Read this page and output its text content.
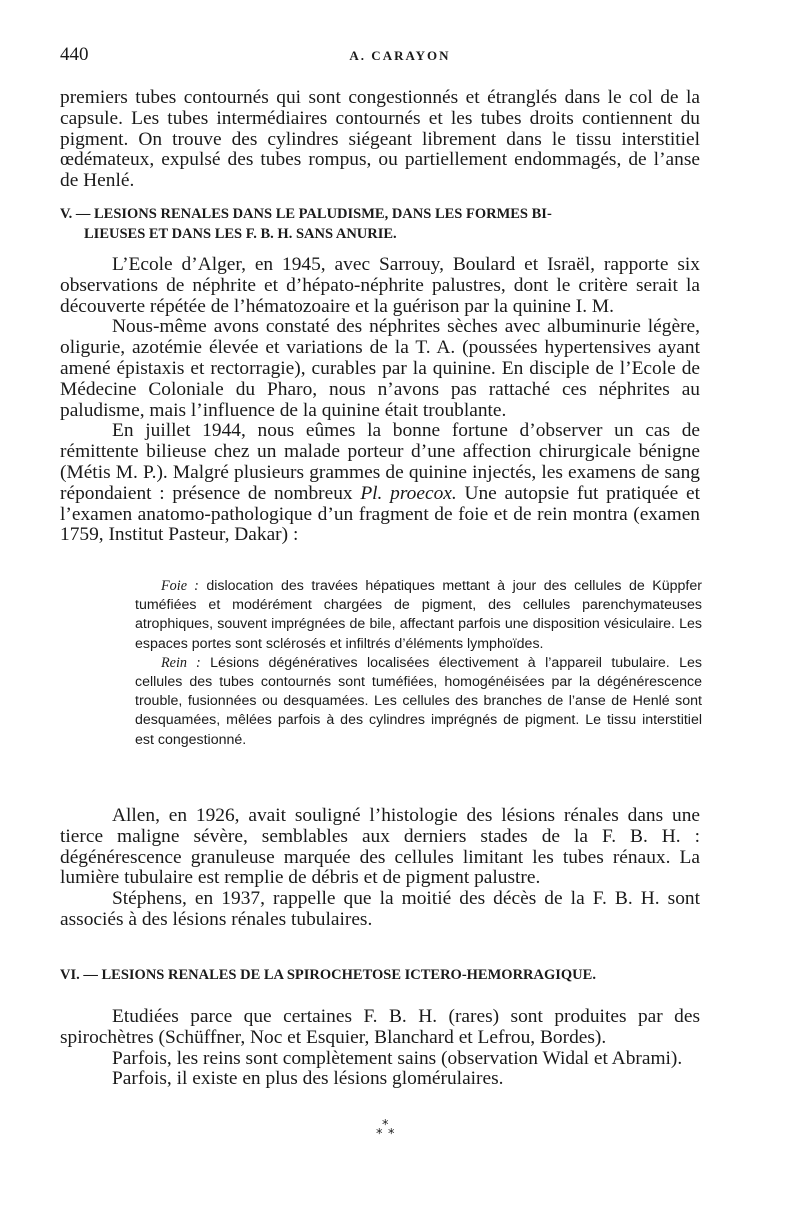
440	A. CARAYON

premiers tubes contournés qui sont congestionnés et étranglés dans le col de la capsule. Les tubes intermédiaires contournés et les tubes droits contiennent du pigment. On trouve des cylindres siégeant librement dans le tissu interstitiel œdémateux, expulsé des tubes rompus, ou partiellement endommagés, de l’anse de Henlé.

V. — LESIONS RENALES DANS LE PALUDISME, DANS LES FORMES BI-
LIEUSES ET DANS LES F. B. H. SANS ANURIE.

L’Ecole d’Alger, en 1945, avec Sarrouy, Boulard et Israël, rapporte six observations de néphrite et d’hépato-néphrite palustres, dont le critère serait la découverte répétée de l’hématozoaire et la guérison par la quinine I. M.

Nous-même avons constaté des néphrites sèches avec albuminurie légère, oligurie, azotémie élevée et variations de la T. A. (poussées hypertensives ayant amené épistaxis et rectorragie), curables par la quinine. En disciple de l’Ecole de Médecine Coloniale du Pharo, nous n’avons pas rattaché ces néphrites au paludisme, mais l’influence de la quinine était troublante.

En juillet 1944, nous eûmes la bonne fortune d’observer un cas de rémittente bilieuse chez un malade porteur d’une affection chirurgicale bénigne (Métis M. P.). Malgré plusieurs grammes de quinine injectés, les examens de sang répondaient : présence de nombreux Pl. proecox. Une autopsie fut pratiquée et l’examen anatomo-pathologique d’un fragment de foie et de rein montra (examen 1759, Institut Pasteur, Dakar) :

Foie : dislocation des travées hépatiques mettant à jour des cellules de Küppfer tuméfiées et modérément chargées de pigment, des cellules parenchymateuses atrophiques, souvent imprégnées de bile, affectant parfois une disposition vésiculaire. Les espaces portes sont sclérosés et infiltrés d’éléments lymphoïdes.

Rein : Lésions dégénératives localisées électivement à l’appareil tubulaire. Les cellules des tubes contournés sont tuméfiées, homogénéisées par la dégénérescence trouble, fusionnées ou desquamées. Les cellules des branches de l’anse de Henlé sont desquamées, mêlées parfois à des cylindres imprégnés de pigment. Le tissu interstitiel est congestionné.

Allen, en 1926, avait souligné l’histologie des lésions rénales dans une tierce maligne sévère, semblables aux derniers stades de la F. B. H. : dégénérescence granuleuse marquée des cellules limitant les tubes rénaux. La lumière tubulaire est remplie de débris et de pigment palustre.

Stéphens, en 1937, rappelle que la moitié des décès de la F. B. H. sont associés à des lésions rénales tubulaires.

VI. — LESIONS RENALES DE LA SPIROCHETOSE ICTERO-HEMORRAGIQUE.

Etudiées parce que certaines F. B. H. (rares) sont produites par des spirochètres (Schüffner, Noc et Esquier, Blanchard et Lefrou, Bordes).

Parfois, les reins sont complètement sains (observation Widal et Abrami).

Parfois, il existe en plus des lésions glomérulaires.

*
* *
